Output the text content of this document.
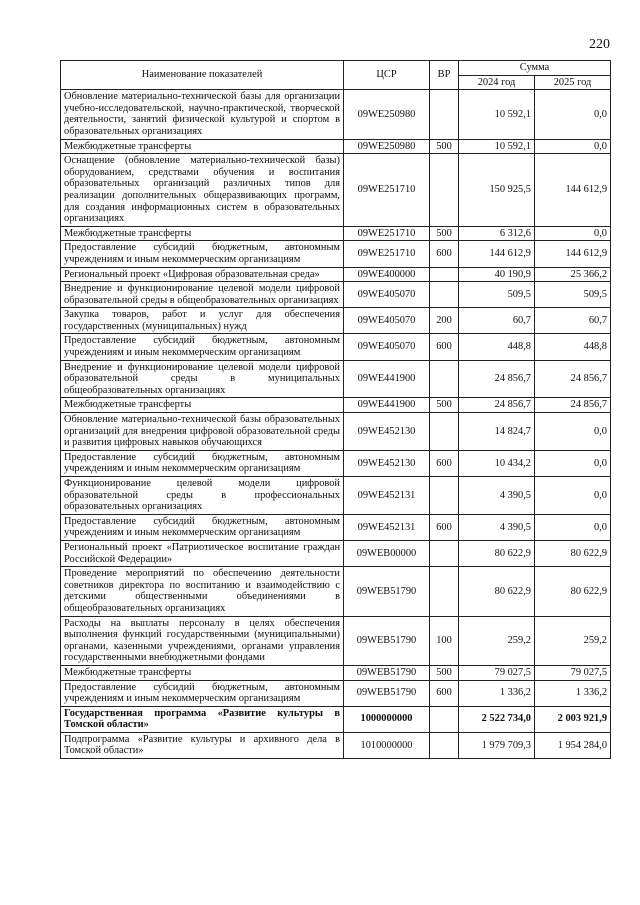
220
Наименование показателей	ЦСР	ВР	Сумма	
			2024 год	2025 год
Обновление материально-технической базы для организации учебно-исследовательской, научно-практической, творческой деятельности, занятий физической культурой и спортом в образовательных организациях	09WE250980		10 592,1	0,0
Межбюджетные трансферты	09WE250980	500	10 592,1	0,0
Оснащение (обновление материально-технической базы) оборудованием, средствами обучения и воспитания образовательных организаций различных типов для реализации дополнительных общеразвивающих программ, для создания информационных систем в образовательных организациях	09WE251710		150 925,5	144 612,9
Межбюджетные трансферты	09WE251710	500	6 312,6	0,0
Предоставление субсидий бюджетным, автономным учреждениям и иным некоммерческим организациям	09WE251710	600	144 612,9	144 612,9
Региональный проект «Цифровая образовательная среда»	09WE400000		40 190,9	25 366,2
Внедрение и функционирование целевой модели цифровой образовательной среды в общеобразовательных организациях	09WE405070		509,5	509,5
Закупка товаров, работ и услуг для обеспечения государственных (муниципальных) нужд	09WE405070	200	60,7	60,7
Предоставление субсидий бюджетным, автономным учреждениям и иным некоммерческим организациям	09WE405070	600	448,8	448,8
Внедрение и функционирование целевой модели цифровой образовательной среды в муниципальных общеобразовательных организациях	09WE441900		24 856,7	24 856,7
Межбюджетные трансферты	09WE441900	500	24 856,7	24 856,7
Обновление материально-технической базы образовательных организаций для внедрения цифровой образовательной среды и развития цифровых навыков обучающихся	09WE452130		14 824,7	0,0
Предоставление субсидий бюджетным, автономным учреждениям и иным некоммерческим организациям	09WE452130	600	10 434,2	0,0
Функционирование целевой модели цифровой образовательной среды в профессиональных образовательных организациях	09WE452131		4 390,5	0,0
Предоставление субсидий бюджетным, автономным учреждениям и иным некоммерческим организациям	09WE452131	600	4 390,5	0,0
Региональный проект «Патриотическое воспитание граждан Российской Федерации»	09WEB00000		80 622,9	80 622,9
Проведение мероприятий по обеспечению деятельности советников директора по воспитанию и взаимодействию с детскими общественными объединениями в общеобразовательных организациях	09WEB51790		80 622,9	80 622,9
Расходы на выплаты персоналу в целях обеспечения выполнения функций государственными (муниципальными) органами, казенными учреждениями, органами управления государственными внебюджетными фондами	09WEB51790	100	259,2	259,2
Межбюджетные трансферты	09WEB51790	500	79 027,5	79 027,5
Предоставление субсидий бюджетным, автономным учреждениям и иным некоммерческим организациям	09WEB51790	600	1 336,2	1 336,2
Государственная программа «Развитие культуры в Томской области»	1000000000		2 522 734,0	2 003 921,9
Подпрограмма «Развитие культуры и архивного дела в Томской области»	1010000000		1 979 709,3	1 954 284,0
